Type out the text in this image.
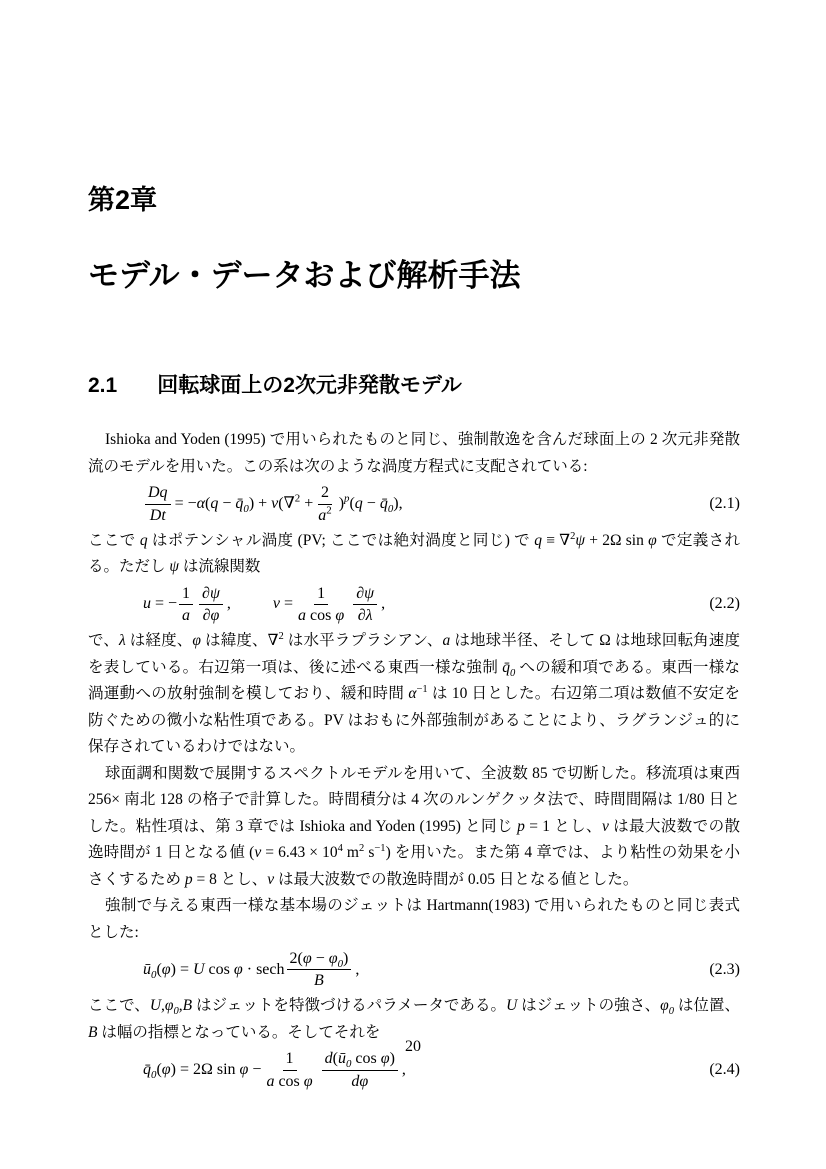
第2章
モデル・データおよび解析手法
2.1 回転球面上の2次元非発散モデル

Ishioka and Yoden (1995) で用いられたものと同じ、強制散逸を含んだ球面上の 2 次元非発散流のモデルを用いた。この系は次のような渦度方程式に支配されている:

$\frac{Dq}{Dt} = -\alpha(q$ − $q̄_0) + \nu(\nabla^2 + \frac{2}{a^2} )^p(q$ − $q̄_0$),	(2.1)

ここで q はポテンシャル渦度 (PV; ここでは絶対渦度と同じ) で q ≡ ∇$^2$ψ + 2Ω sin φ で定義される。ただし ψ は流線関数

u = − $\frac{1}{a} \frac{\partial\psi}{\partial\varphi}$ ,	$v = \frac{1}{\text{a cos φ}} \frac{\partial\psi}{\partial\lambda}$ ,	(2.2)

で、λ は経度、φ は緯度、∇$^2$ は水平ラプラシアン、a は地球半径、そして Ω は地球回転角速度を表している。右辺第一項は、後に述べる東西一様な強制 $q̄_0$ への緩和項である。東西一様な渦運動への放射強制を模しており、緩和時間 $\alpha^{-1}$ は 10 日とした。右辺第二項は数値不安定を防ぐための微小な粘性項である。PV はおもに外部強制があることにより、ラグランジュ的に保存されているわけではない。

球面調和関数で展開するスペクトルモデルを用いて、全波数 85 で切断した。移流項は東西 256× 南北 128 の格子で計算した。時間積分は 4 次のルンゲクッタ法で、時間間隔は 1/80 日とした。粘性項は、第 3 章では Ishioka and Yoden (1995) と同じ p = 1 とし、ν は最大波数での散逸時間が 1 日となる値 ($\nu = 6.43 \times 10^4$ $m^2$ $s^{-1}$) を用いた。また第 4 章では、より粘性の効果を小さくするため p = 8 とし、ν は最大波数での散逸時間が 0.05 日となる値とした。

強制で与える東西一様な基本場のジェットは Hartmann(1983) で用いられたものと同じ表式とした:

$ū_0(\varphi) = U$ cos φ · sech $\frac{2(\varphi - \varphi_0)}{B}$ ,	(2.3)

ここで、$U,\varphi_0,B$ はジェットを特徴づけるパラメータである。U はジェットの強さ、$\varphi_0$ は位置、B は幅の指標となっている。そしてそれを

$q̄_0(\varphi) = 2\Omega$ $\sin \varphi - \frac{1}{\text{a cos φ}} \frac{d(ū_0 \cos \varphi)}{d\varphi}$ ,	(2.4)
20
